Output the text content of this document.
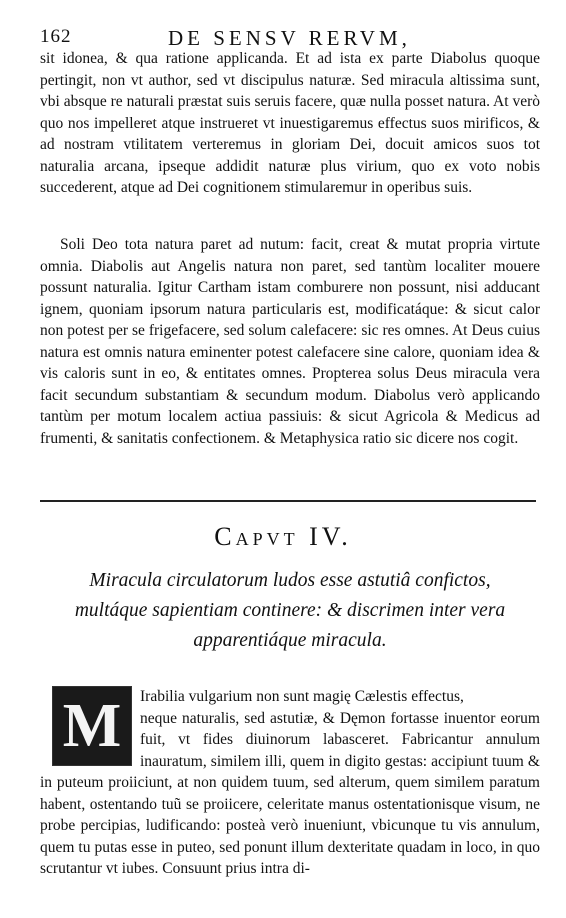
162	DE SENSV RERVM,
sit idonea, & qua ratione applicanda. Et ad ista ex parte Diabolus quoque pertingit, non vt author, sed vt discipulus naturæ. Sed miracula altissima sunt, vbi absque re naturali præstat suis seruis facere, quæ nulla posset natura. At verò quo nos impelleret atque instrueret vt inuestigaremus effectus suos mirificos, & ad nostram vtilitatem verteremus in gloriam Dei, docuit amicos suos tot naturalia arcana, ipseque addidit naturæ plus virium, quo ex voto nobis succederent, atque ad Dei cognitionem stimularemur in operibus suis.
Soli Deo tota natura paret ad nutum: facit, creat & mutat propria virtute omnia. Diabolis aut Angelis natura non paret, sed tantùm localiter mouere possunt naturalia. Igitur Cartham istam comburere non possunt, nisi adducant ignem, quoniam ipsorum natura particularis est, modificatáque: & sicut calor non potest per se frigefacere, sed solum calefacere: sic res omnes. At Deus cuius natura est omnis natura eminenter potest calefacere sine calore, quoniam idea & vis caloris sunt in eo, & entitates omnes. Propterea solus Deus miracula vera facit secundum substantiam & secundum modum. Diabolus verò applicando tantùm per motum localem actiua passiuis: & sicut Agricola & Medicus ad frumenti, & sanitatis confectionem. & Metaphysica ratio sic dicere nos cogit.
Capvt IV.
Miracula circulatorum ludos esse astutiâ confictos, multáque sapientiam continere: & discrimen inter vera apparentiáque miracula.
M	Irabilia vulgarium non sunt magię Cælestis effectus,
neque naturalis, sed astutiæ, & Dęmon fortasse inuentor eorum fuit, vt fides diuinorum labasceret. Fabricantur annulum inauratum, similem illi, quem in digito gestas: accipiunt tuum & in puteum proiiciunt, at non quidem tuum, sed alterum, quem similem paratum habent, ostentando tuũ se proiicere, celeritate manus ostentationisque visum, ne probe percipias, ludificando: posteà verò inueniunt, vbicunque tu vis annulum, quem tu putas esse in puteo, sed ponunt illum dexteritate quadam in loco, in quo scrutantur vt iubes. Consuunt prius intra di-
